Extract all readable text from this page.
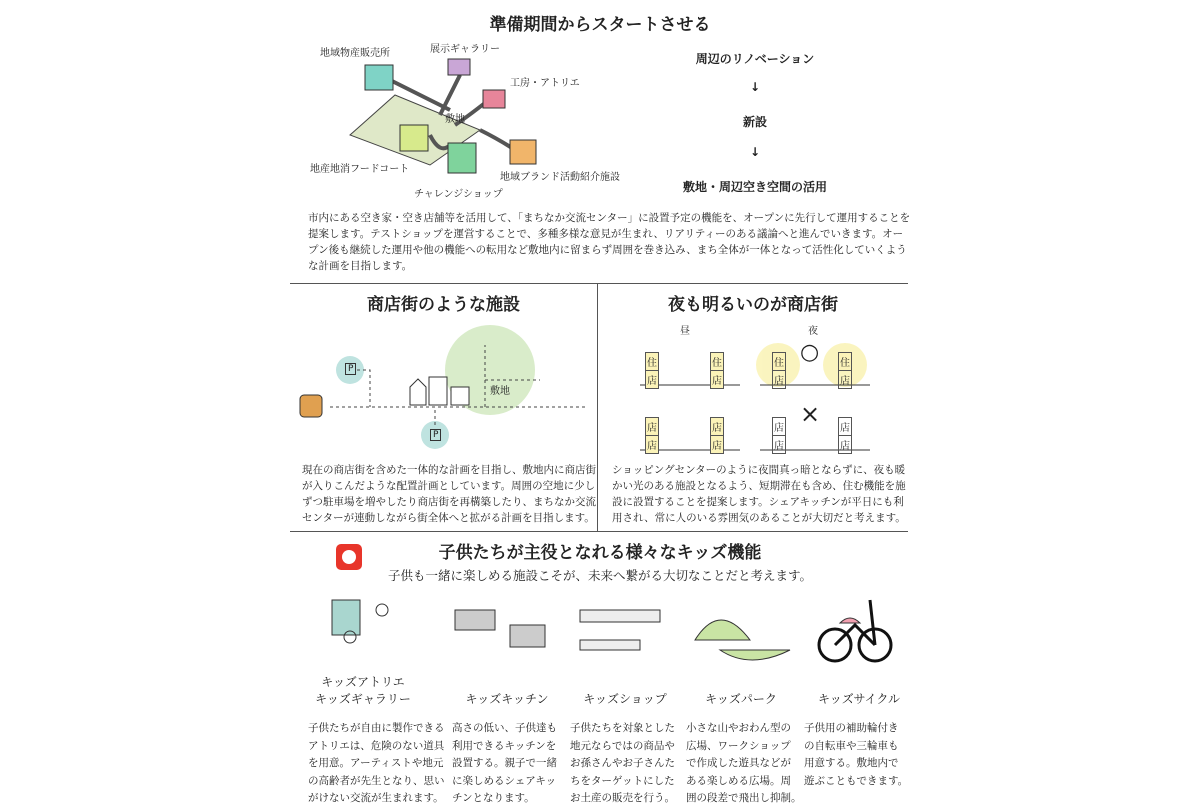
準備期間からスタートさせる
地域物産販売所	展示ギャラリー
工房・アトリエ
敷地
地産地消フードコート
地域ブランド活動紹介施設
チャレンジショップ
周辺のリノベーション
↓
新設
↓
敷地・周辺空き空間の活用
市内にある空き家・空き店舗等を活用して、「まちなか交流センター」に設置予定の機能を、オープンに先行して運用することを
提案します。テストショップを運営することで、多種多様な意見が生まれ、リアリティーのある議論へと進んでいきます。オー
プン後も継続した運用や他の機能への転用など敷地内に留まらず周囲を巻き込み、まち全体が一体となって活性化していくよう
な計画を目指します。
商店街のような施設
P
P
敷地
現在の商店街を含めた一体的な計画を目指し、敷地内に商店街
が入りこんだような配置計画としています。周囲の空地に少し
ずつ駐車場を増やしたり商店街を再構築したり、まちなか交流
センターが連動しながら街全体へと拡がる計画を目指します。
夜も明るいのが商店街
昼	夜
住
店
住
店
住
店
住
店
○
店
店
店
店
店
店
店
店
×
ショッピングセンターのように夜間真っ暗とならずに、夜も暖
かい光のある施設となるよう、短期滞在も含め、住む機能を施
設に設置することを提案します。シェアキッチンが平日にも利
用され、常に人のいる雰囲気のあることが大切だと考えます。
子供たちが主役となれる様々なキッズ機能
子供も一緒に楽しめる施設こそが、未来へ繋がる大切なことだと考えます。
キッズアトリエ
キッズギャラリー
子供たちが自由に製作できる
アトリエは、危険のない道具
を用意。アーティストや地元
の高齢者が先生となり、思い
がけない交流が生まれます。
キッズキッチン
高さの低い、子供達も
利用できるキッチンを
設置する。親子で一緒
に楽しめるシェアキッ
チンとなります。
キッズショップ
子供たちを対象とした
地元ならではの商品や
お孫さんやお子さんた
ちをターゲットにした
お土産の販売を行う。
キッズパーク
小さな山やおわん型の
広場、ワークショップ
で作成した遊具などが
ある楽しめる広場。周
囲の段差で飛出し抑制。
キッズサイクル
子供用の補助輪付き
の自転車や三輪車も
用意する。敷地内で
遊ぶこともできます。
